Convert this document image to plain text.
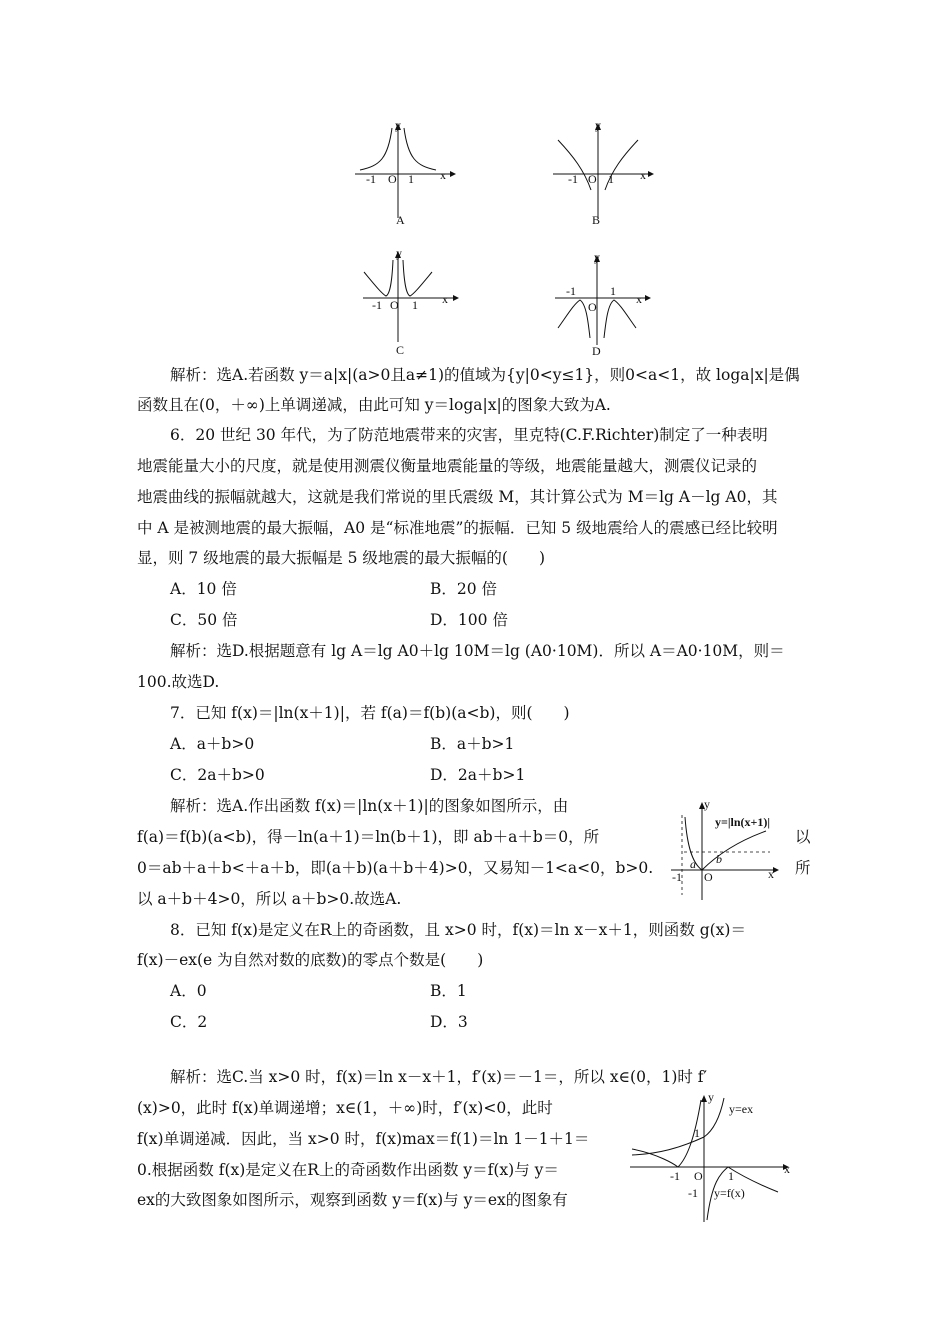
y
x
-1 O 1
A
y
x
-1 O 1
B
y
x
-1 O 1
C
y
x
-1
O
1
D
解析：选A.若函数 y＝a|x|(a>0且a≠1)的值域为{y|0<y≤1}，则0<a<1，故 loga|x|是偶
函数且在(0，＋∞)上单调递减，由此可知 y＝loga|x|的图象大致为A.
6．20 世纪 30 年代，为了防范地震带来的灾害，里克特(C.F.Richter)制定了一种表明
地震能量大小的尺度，就是使用测震仪衡量地震能量的等级，地震能量越大，测震仪记录的
地震曲线的振幅就越大，这就是我们常说的里氏震级 M，其计算公式为 M＝lg A－lg A0，其
中 A 是被测地震的最大振幅，A0 是“标准地震”的振幅．已知 5 级地震给人的震感已经比较明
显，则 7 级地震的最大振幅是 5 级地震的最大振幅的(　　)
A．10 倍	B．20 倍
C．50 倍	D．100 倍
解析：选D.根据题意有 lg A＝lg A0＋lg 10M＝lg (A0·10M)．所以 A＝A0·10M，则＝
100.故选D.
7．已知 f(x)＝|ln(x＋1)|，若 f(a)＝f(b)(a<b)，则(　　)
A．a＋b>0	B．a＋b>1
C．2a＋b>0	D．2a＋b>1
解析：选A.作出函数 f(x)＝|ln(x＋1)|的图象如图所示，由
f(a)＝f(b)(a<b)，得－ln(a＋1)＝ln(b＋1)，即 ab＋a＋b＝0，所
0＝ab＋a＋b<＋a＋b，即(a＋b)(a＋b＋4)>0，又易知－1<a<0，b>0.
以 a＋b＋4>0，所以 a＋b>0.故选A.
以
所
y
y=|ln(x+1)|
-1
a
O
b
x
8．已知 f(x)是定义在R上的奇函数，且 x>0 时，f(x)＝ln x－x＋1，则函数 g(x)＝
f(x)－ex(e 为自然对数的底数)的零点个数是(　　)
A．0	B．1
C．2	D．3
解析：选C.当 x>0 时，f(x)＝ln x－x＋1，f′(x)＝－1＝，所以 x∈(0，1)时 f′
(x)>0，此时 f(x)单调递增；x∈(1，＋∞)时，f′(x)<0，此时
f(x)单调递减．因此，当 x>0 时，f(x)max＝f(1)＝ln 1－1＋1＝
0.根据函数 f(x)是定义在R上的奇函数作出函数 y＝f(x)与 y＝
ex的大致图象如图所示，观察到函数 y＝f(x)与 y＝ex的图象有
y
y=ex
1
-1 O 1
-1 y=f(x)
x
